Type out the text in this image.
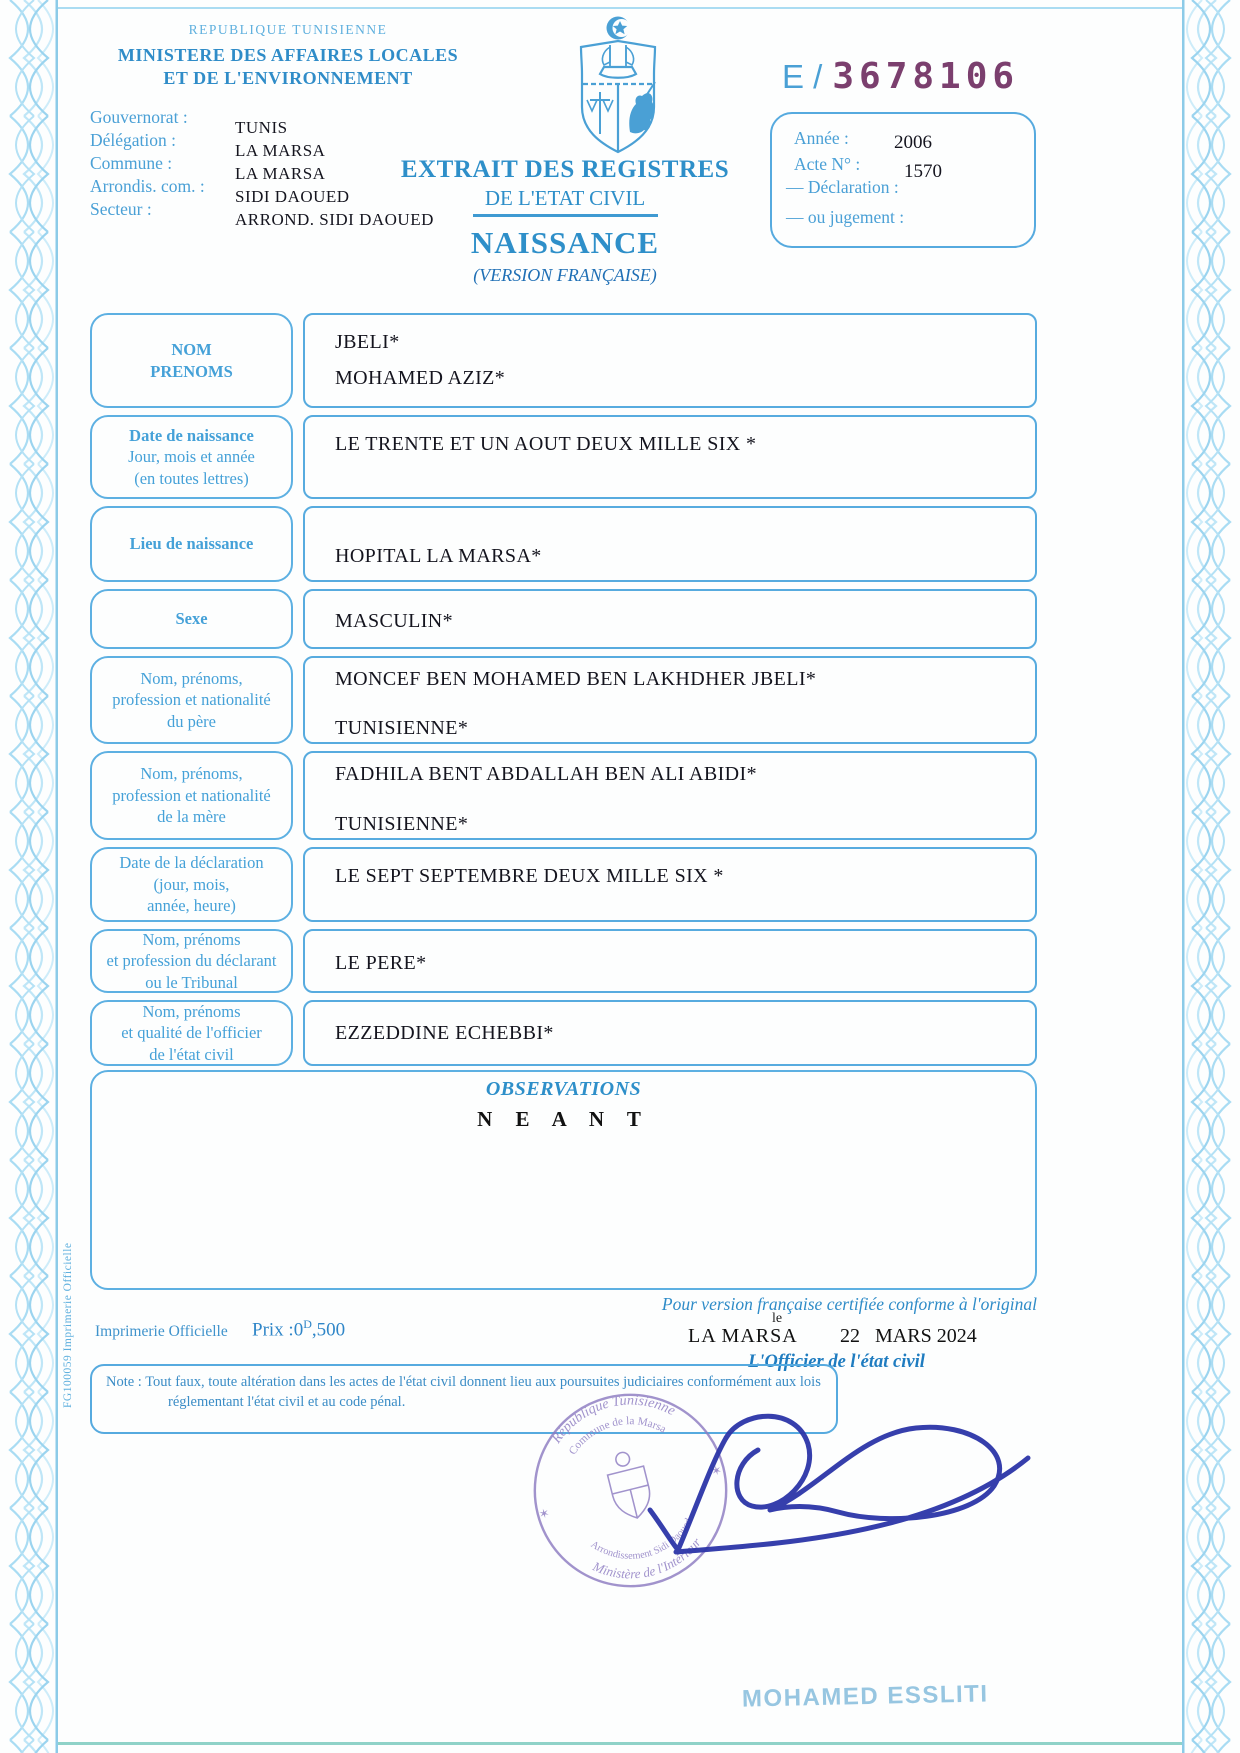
REPUBLIQUE TUNISIENNE
MINISTERE DES AFFAIRES LOCALES
ET DE L'ENVIRONNEMENT	E / 3678106
Gouvernorat :
TUNIS
Délégation :
LA MARSA
Commune :
LA MARSA
Arrondis. com. :
SIDI DAOUED
Secteur :
ARROND. SIDI DAOUED
EXTRAIT DES REGISTRES
DE L'ETAT CIVIL
NAISSANCE
(VERSION FRANÇAISE)
Année : 2006
Acte N° : 1570
— Déclaration :
— ou jugement :
NOM
PRENOMS
JBELI*
MOHAMED AZIZ*
Date de naissance
Jour, mois et année
(en toutes lettres)
LE TRENTE ET UN AOUT DEUX MILLE SIX *
Lieu de naissance
HOPITAL LA MARSA*
Sexe	MASCULIN*
Nom, prénoms,
profession et nationalité
du père
MONCEF BEN MOHAMED BEN LAKHDHER JBELI*
TUNISIENNE*
Nom, prénoms,
profession et nationalité
de la mère
FADHILA BENT ABDALLAH BEN ALI ABIDI*
TUNISIENNE*
Date de la déclaration
(jour, mois,
année, heure)
LE SEPT SEPTEMBRE DEUX MILLE SIX *
Nom, prénoms
et profession du déclarant
ou le Tribunal
LE PERE*
Nom, prénoms
et qualité de l'officier
de l'état civil
EZZEDDINE ECHEBBI*
OBSERVATIONS
N E A N T
FG100059 Imprimerie Officielle	Pour version française certifiée conforme à l'original
Imprimerie Officielle Prix $:0^D,500$
le
LA MARSA 22   MARS 2024
L'Officier de l'état civil
Note : Tout faux, toute altération dans les actes de l'état civil donnent lieu aux poursuites judiciaires conformément aux lois réglementant l'état civil et au code pénal.
République Tunisienne
Commune de la Marsa
Arrondissement Sidi Daoued
Ministère de l'Intérieur
✶
✶
MOHAMED ESSLITI
